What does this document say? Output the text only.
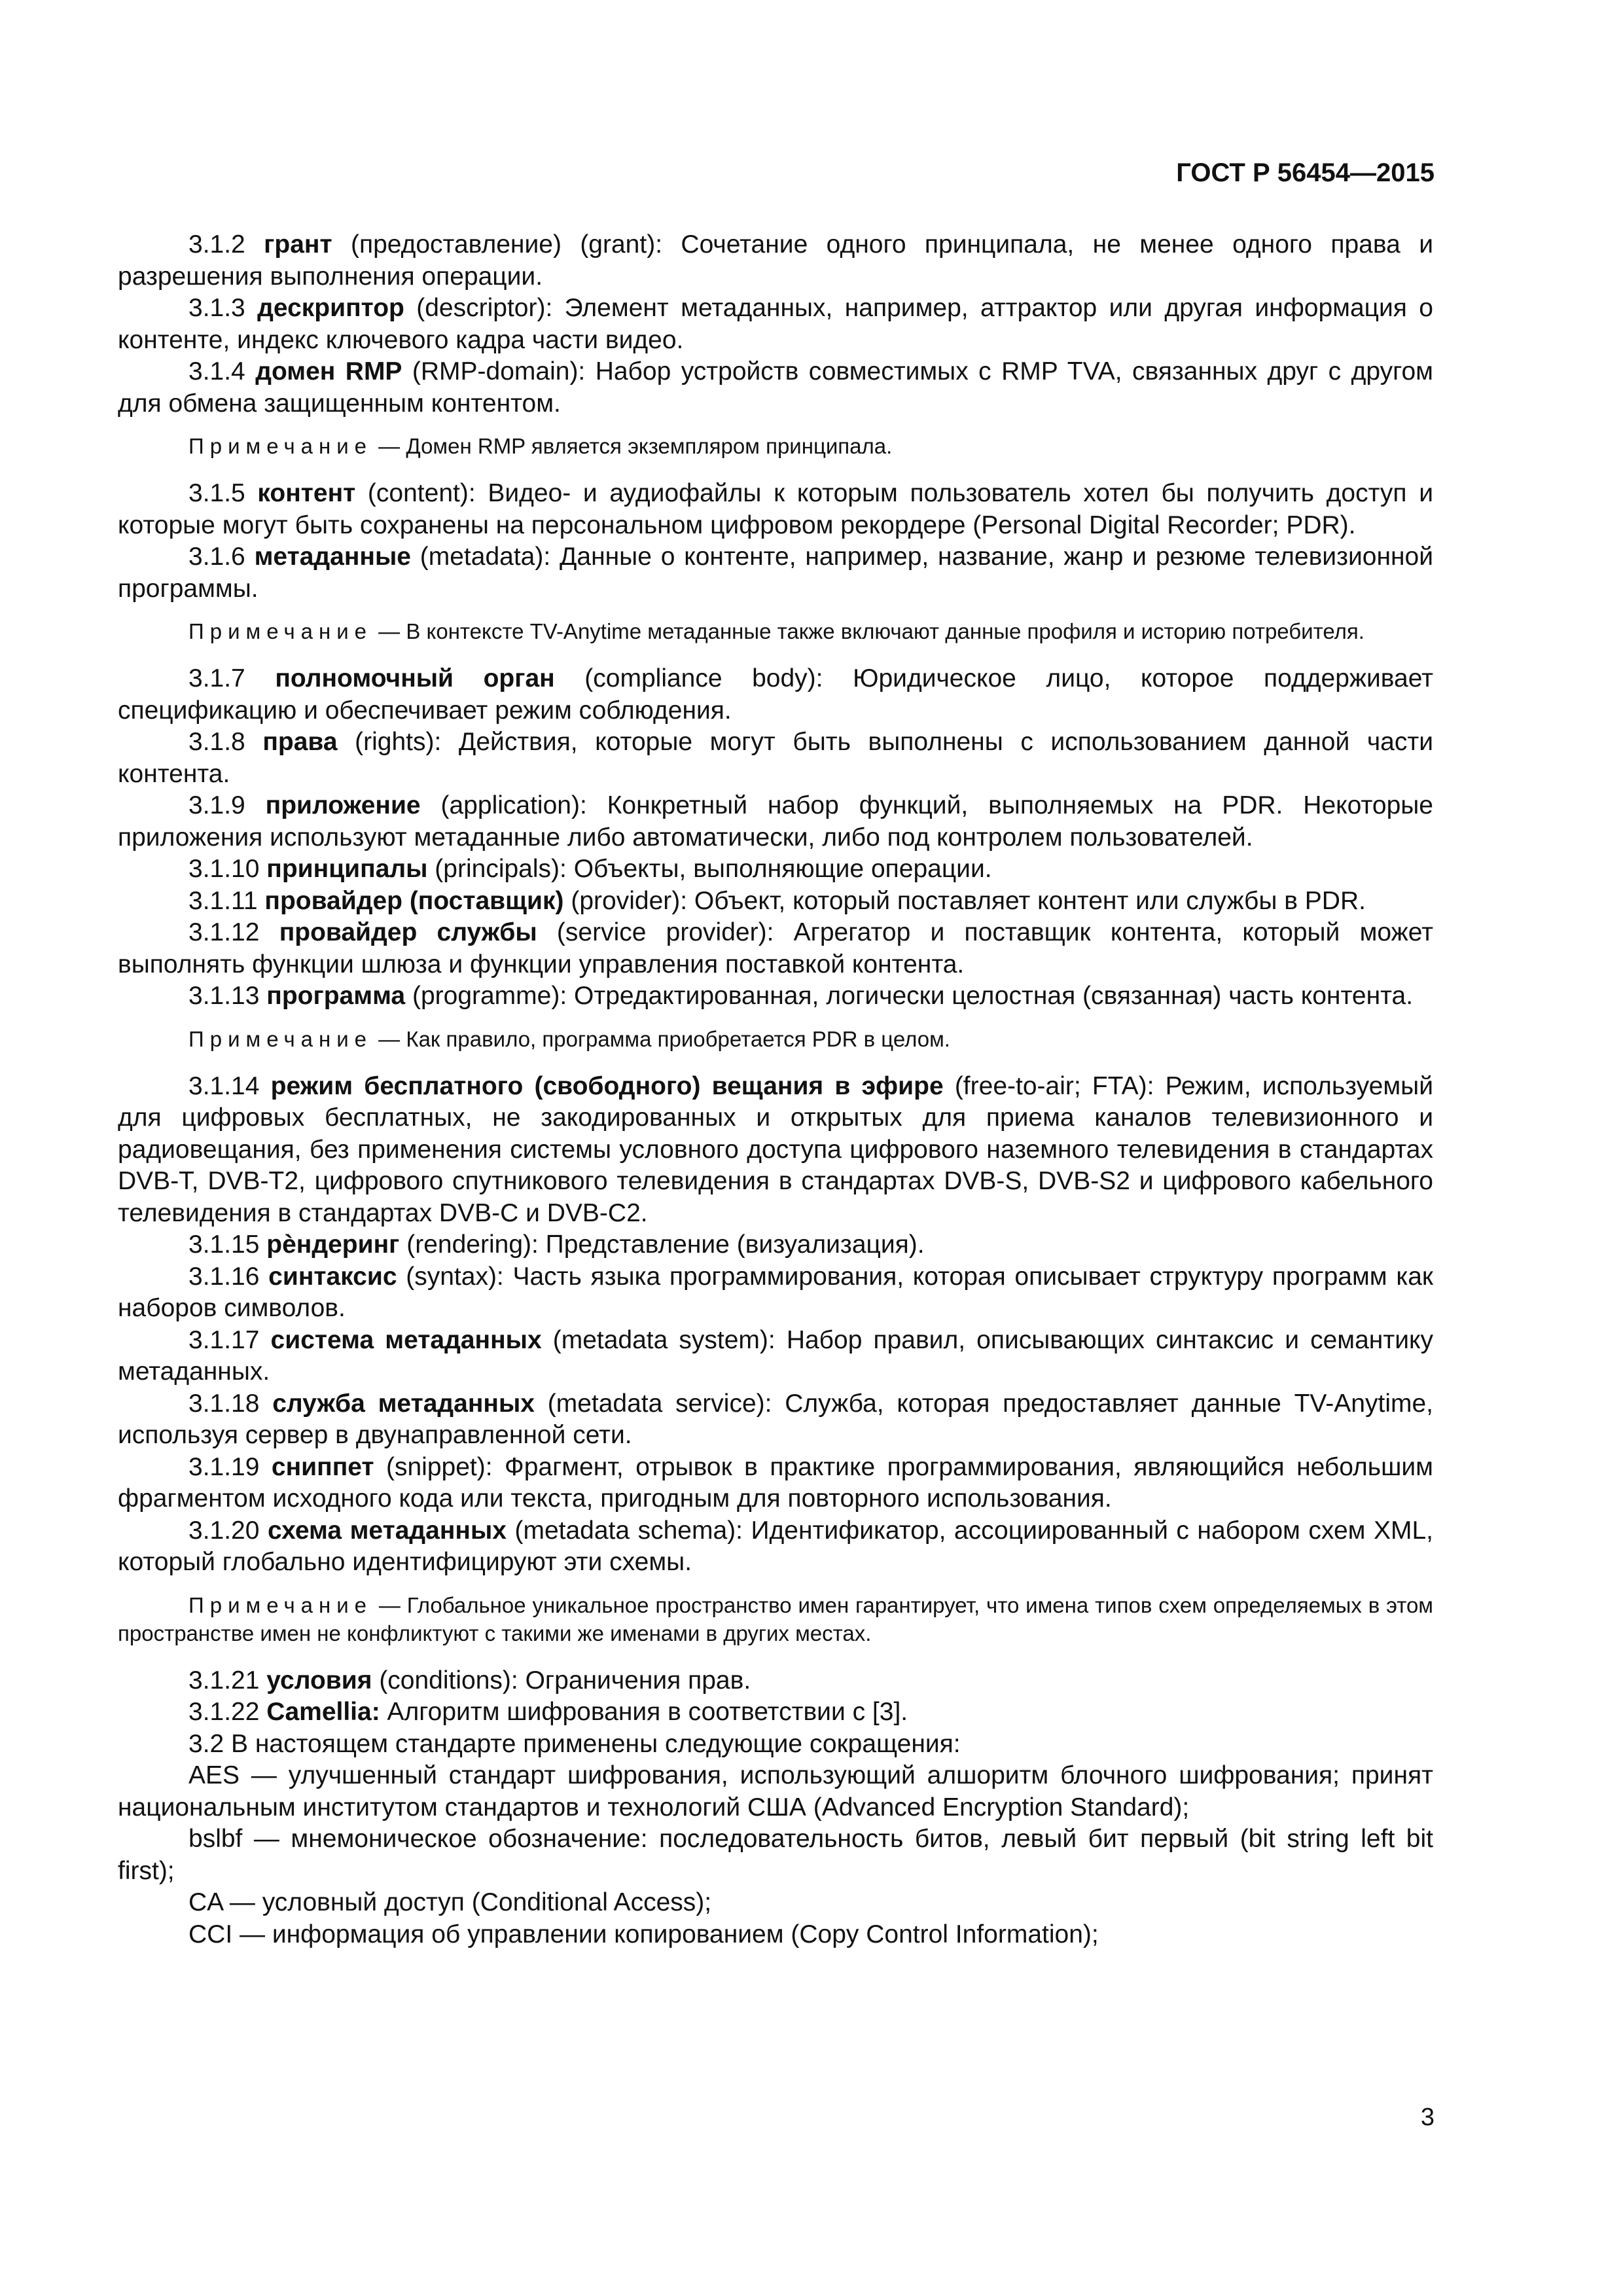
ГОСТ Р 56454—2015

3.1.2 грант (предоставление) (grant): Сочетание одного принципала, не менее одного права и разрешения выполнения операции.

3.1.3 дескриптор (descriptor): Элемент метаданных, например, аттрактор или другая информация о контенте, индекс ключевого кадра части видео.

3.1.4 домен RMP (RMP-domain): Набор устройств совместимых с RMP TVA, связанных друг с другом для обмена защищенным контентом.

Примечание — Домен RMP является экземпляром принципала.

3.1.5 контент (content): Видео- и аудиофайлы к которым пользователь хотел бы получить доступ и которые могут быть сохранены на персональном цифровом рекордере (Personal Digital Recorder; PDR).

3.1.6 метаданные (metadata): Данные о контенте, например, название, жанр и резюме телевизионной программы.

Примечание — В контексте TV-Anytime метаданные также включают данные профиля и историю потребителя.

3.1.7 полномочный орган (compliance body): Юридическое лицо, которое поддерживает спецификацию и обеспечивает режим соблюдения.

3.1.8 права (rights): Действия, которые могут быть выполнены с использованием данной части контента.

3.1.9 приложение (application): Конкретный набор функций, выполняемых на PDR. Некоторые приложения используют метаданные либо автоматически, либо под контролем пользователей.

3.1.10 принципалы (principals): Объекты, выполняющие операции.

3.1.11 провайдер (поставщик) (provider): Объект, который поставляет контент или службы в PDR.

3.1.12 провайдер службы (service provider): Агрегатор и поставщик контента, который может выполнять функции шлюза и функции управления поставкой контента.

3.1.13 программа (programme): Отредактированная, логически целостная (связанная) часть контента.

Примечание — Как правило, программа приобретается PDR в целом.

3.1.14 режим бесплатного (свободного) вещания в эфире (free-to-air; FTA): Режим, используемый для цифровых бесплатных, не закодированных и открытых для приема каналов телевизионного и радиовещания, без применения системы условного доступа цифрового наземного телевидения в стандартах DVB-T, DVB-T2, цифрового спутникового телевидения в стандартах DVB-S, DVB-S2 и цифрового кабельного телевидения в стандартах DVB-C и DVB-C2.

3.1.15 рѐндеринг (rendering): Представление (визуализация).

3.1.16 синтаксис (syntax): Часть языка программирования, которая описывает структуру программ как наборов символов.

3.1.17 система метаданных (metadata system): Набор правил, описывающих синтаксис и семантику метаданных.

3.1.18 служба метаданных (metadata service): Служба, которая предоставляет данные TV-Anytime, используя сервер в двунаправленной сети.

3.1.19 сниппет (snippet): Фрагмент, отрывок в практике программирования, являющийся небольшим фрагментом исходного кода или текста, пригодным для повторного использования.

3.1.20 схема метаданных (metadata schema): Идентификатор, ассоциированный с набором схем XML, который глобально идентифицируют эти схемы.

Примечание — Глобальное уникальное пространство имен гарантирует, что имена типов схем определяемых в этом пространстве имен не конфликтуют с такими же именами в других местах.

3.1.21 условия (conditions): Ограничения прав.

3.1.22 Camellia: Алгоритм шифрования в соответствии с [3].

3.2 В настоящем стандарте применены следующие сокращения:

AES — улучшенный стандарт шифрования, использующий алшоритм блочного шифрования; принят национальным институтом стандартов и технологий США (Advanced Encryption Standard);

bslbf — мнемоническое обозначение: последовательность битов, левый бит первый (bit string left bit first);

CA — условный доступ (Conditional Access);

CCI — информация об управлении копированием (Copy Control Information);

3
